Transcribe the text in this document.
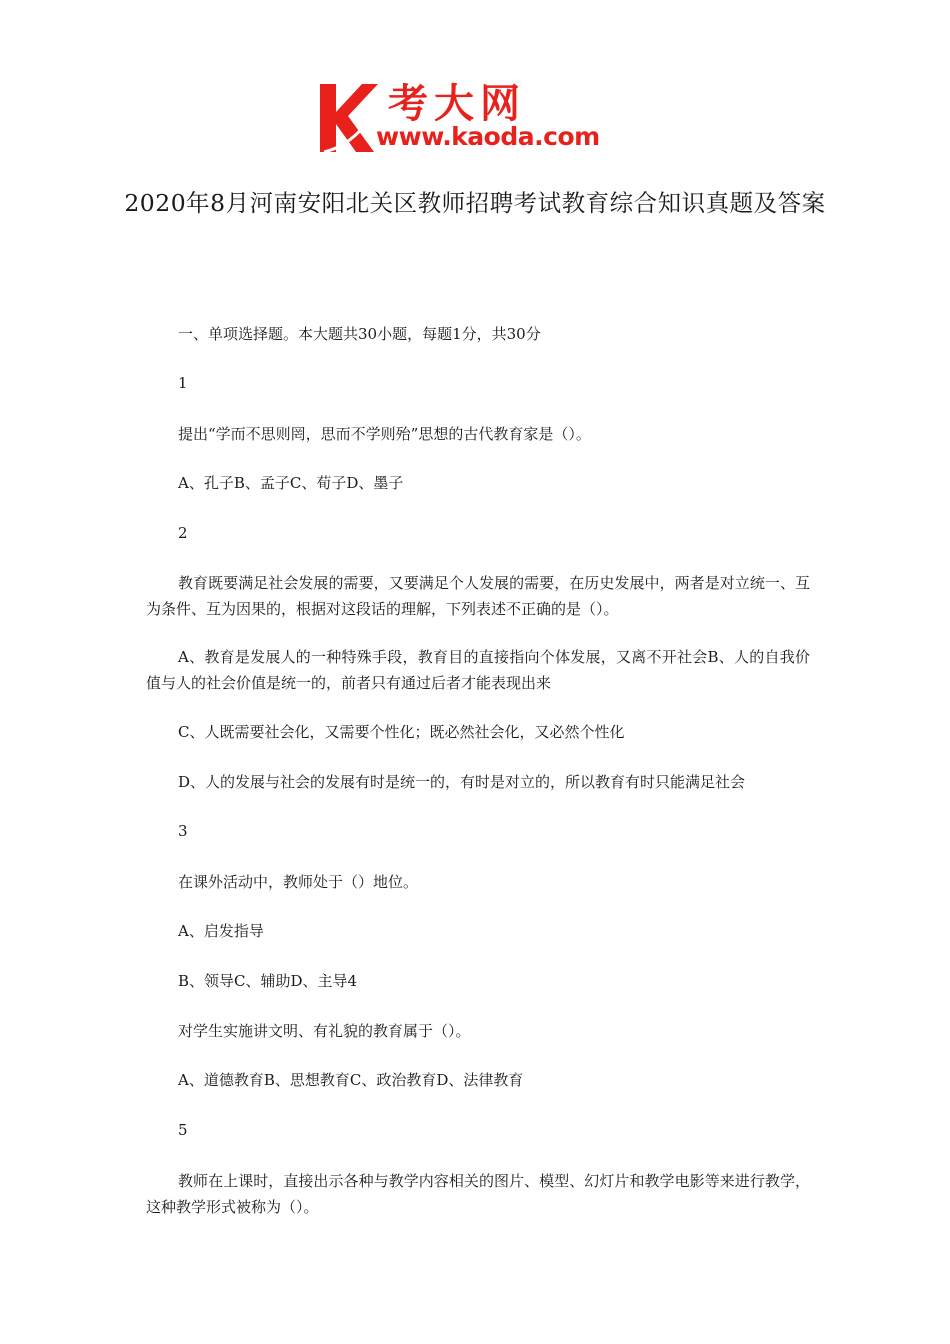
考大网
www.kaoda.com
2020年8月河南安阳北关区教师招聘考试教育综合知识真题及答案
一、单项选择题。本大题共30小题，每题1分，共30分
1
提出“学而不思则罔，思而不学则殆”思想的古代教育家是（）。
A、孔子B、孟子C、荀子D、墨子
2
教育既要满足社会发展的需要，又要满足个人发展的需要，在历史发展中，两者是对立统一、互为条件、互为因果的，根据对这段话的理解，下列表述不正确的是（）。
A、教育是发展人的一种特殊手段，教育目的直接指向个体发展，又离不开社会B、人的自我价值与人的社会价值是统一的，前者只有通过后者才能表现出来
C、人既需要社会化，又需要个性化；既必然社会化，又必然个性化
D、人的发展与社会的发展有时是统一的，有时是对立的，所以教育有时只能满足社会
3
在课外活动中，教师处于（）地位。
A、启发指导
B、领导C、辅助D、主导4
对学生实施讲文明、有礼貌的教育属于（）。
A、道德教育B、思想教育C、政治教育D、法律教育
5
教师在上课时，直接出示各种与教学内容相关的图片、模型、幻灯片和教学电影等来进行教学，这种教学形式被称为（）。
